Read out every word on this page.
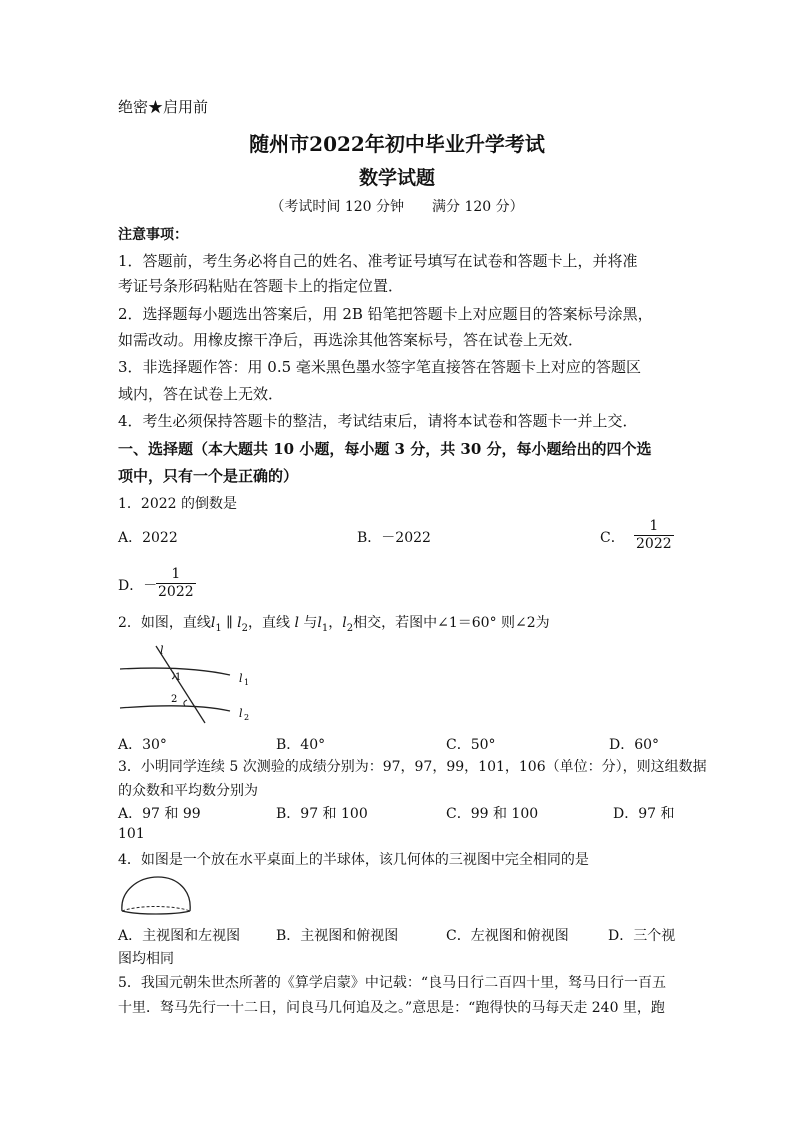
绝密★启用前
随州市2022年初中毕业升学考试
数学试题
（考试时间 120 分钟　　满分 120 分）
注意事项：
1．答题前，考生务必将自己的姓名、准考证号填写在试卷和答题卡上，并将准
考证号条形码粘贴在答题卡上的指定位置．
2．选择题每小题选出答案后，用 2B 铅笔把答题卡上对应题目的答案标号涂黑，
如需改动。用橡皮擦干净后，再选涂其他答案标号，答在试卷上无效．
3．非选择题作答：用 0.5 毫米黑色墨水签字笔直接答在答题卡上对应的答题区
域内，答在试卷上无效．
4．考生必须保持答题卡的整洁，考试结束后，请将本试卷和答题卡一并上交．
一、选择题（本大题共 10 小题，每小题 3 分，共 30 分，每小题给出的四个选
项中，只有一个是正确的）
1．2022 的倒数是
A．2022	B．－2022	C．
1
2022
D．－
1
2022
2．如图，直线$l_1$ ∥ $l_2$，直线 l 与$l_1$，$l_2$相交，若图中∠1＝60° 则∠2为
l
1
2
l 1
l 2
A．30°	B．40°	C．50°	D．60°
3．小明同学连续 5 次测验的成绩分别为：97，97，99，101，106（单位：分），则这组数据
的众数和平均数分别为
A．97 和 99	B．97 和 100	C．99 和 100	D．97 和
101
4．如图是一个放在水平桌面上的半球体，该几何体的三视图中完全相同的是
A．主视图和左视图	B．主视图和俯视图	C．左视图和俯视图	D．三个视
图均相同
5．我国元朝朱世杰所著的《算学启蒙》中记载：“良马日行二百四十里，驽马日行一百五
十里．驽马先行一十二日，问良马几何追及之。”意思是：“跑得快的马每天走 240 里，跑
